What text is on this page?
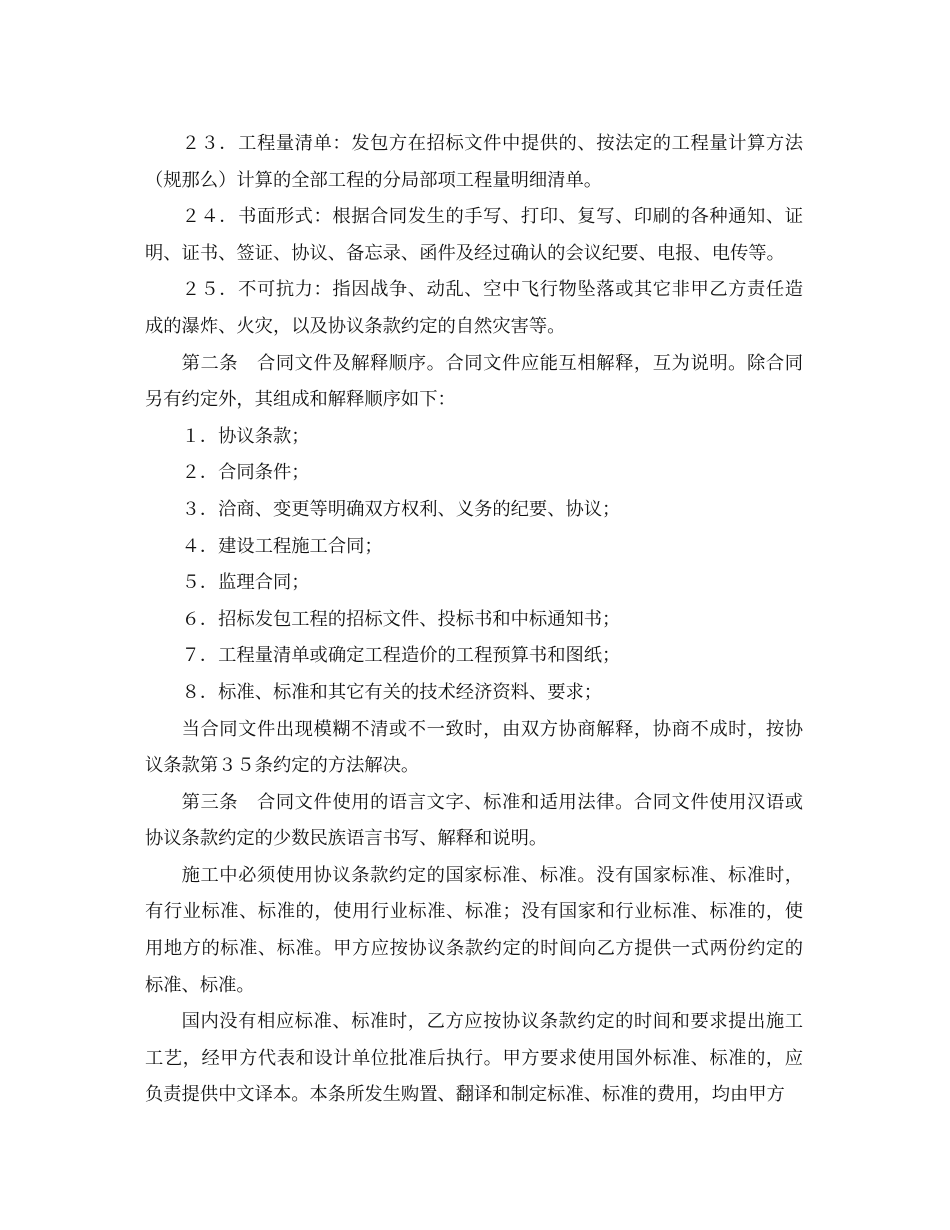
２３．工程量清单：发包方在招标文件中提供的、按法定的工程量计算方法（规那么）计算的全部工程的分局部项工程量明细清单。

２４．书面形式：根据合同发生的手写、打印、复写、印刷的各种通知、证明、证书、签证、协议、备忘录、函件及经过确认的会议纪要、电报、电传等。

２５．不可抗力：指因战争、动乱、空中飞行物坠落或其它非甲乙方责任造成的瀑炸、火灾，以及协议条款约定的自然灾害等。

第二条　合同文件及解释顺序。合同文件应能互相解释，互为说明。除合同另有约定外，其组成和解释顺序如下：

１．协议条款；

２．合同条件；

３．洽商、变更等明确双方权利、义务的纪要、协议；

４．建设工程施工合同；

５．监理合同；

６．招标发包工程的招标文件、投标书和中标通知书；

７．工程量清单或确定工程造价的工程预算书和图纸；

８．标准、标准和其它有关的技术经济资料、要求；

当合同文件出现模糊不清或不一致时，由双方协商解释，协商不成时，按协议条款第３５条约定的方法解决。

第三条　合同文件使用的语言文字、标准和适用法律。合同文件使用汉语或协议条款约定的少数民族语言书写、解释和说明。

施工中必须使用协议条款约定的国家标准、标准。没有国家标准、标准时，有行业标准、标准的，使用行业标准、标准；没有国家和行业标准、标准的，使用地方的标准、标准。甲方应按协议条款约定的时间向乙方提供一式两份约定的标准、标准。

国内没有相应标准、标准时，乙方应按协议条款约定的时间和要求提出施工工艺，经甲方代表和设计单位批准后执行。甲方要求使用国外标准、标准的，应负责提供中文译本。本条所发生购置、翻译和制定标准、标准的费用，均由甲方
